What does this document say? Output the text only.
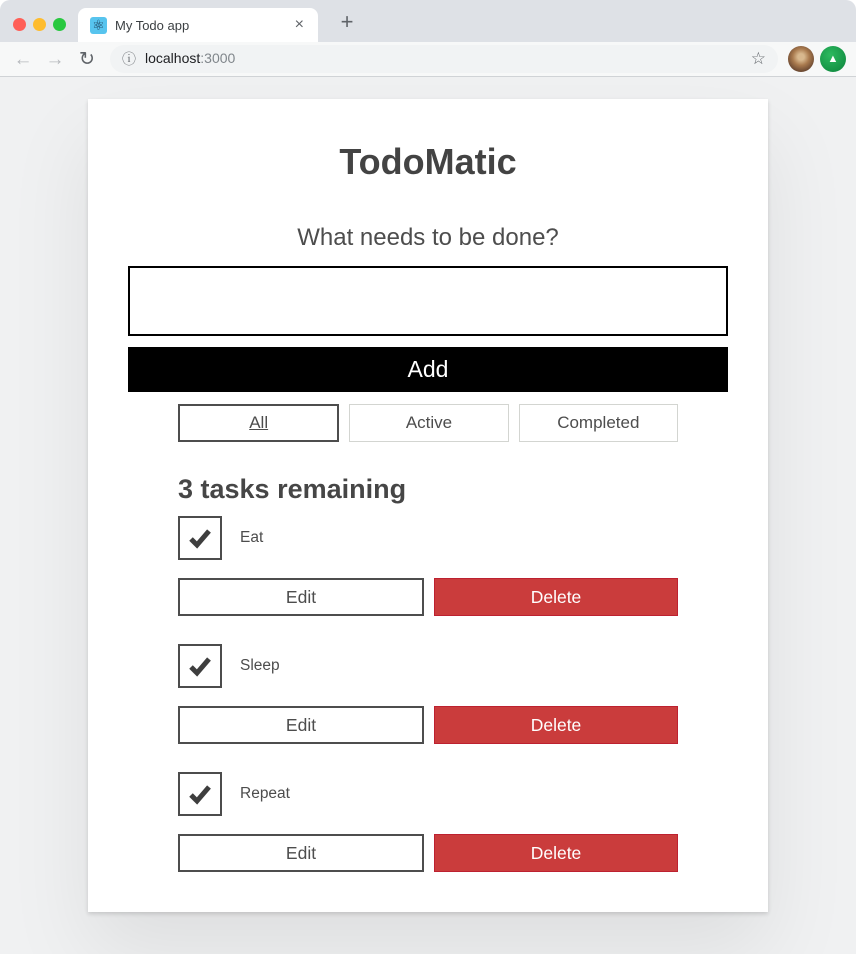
⚛ My Todo app	× +
← → ↻	ⓘ localhost:3000	☆	▲
TodoMatic
What needs to be done?
Add
All	Active	Completed
3 tasks remaining
Eat
Edit	Delete
Sleep
Edit	Delete
Repeat
Edit	Delete
